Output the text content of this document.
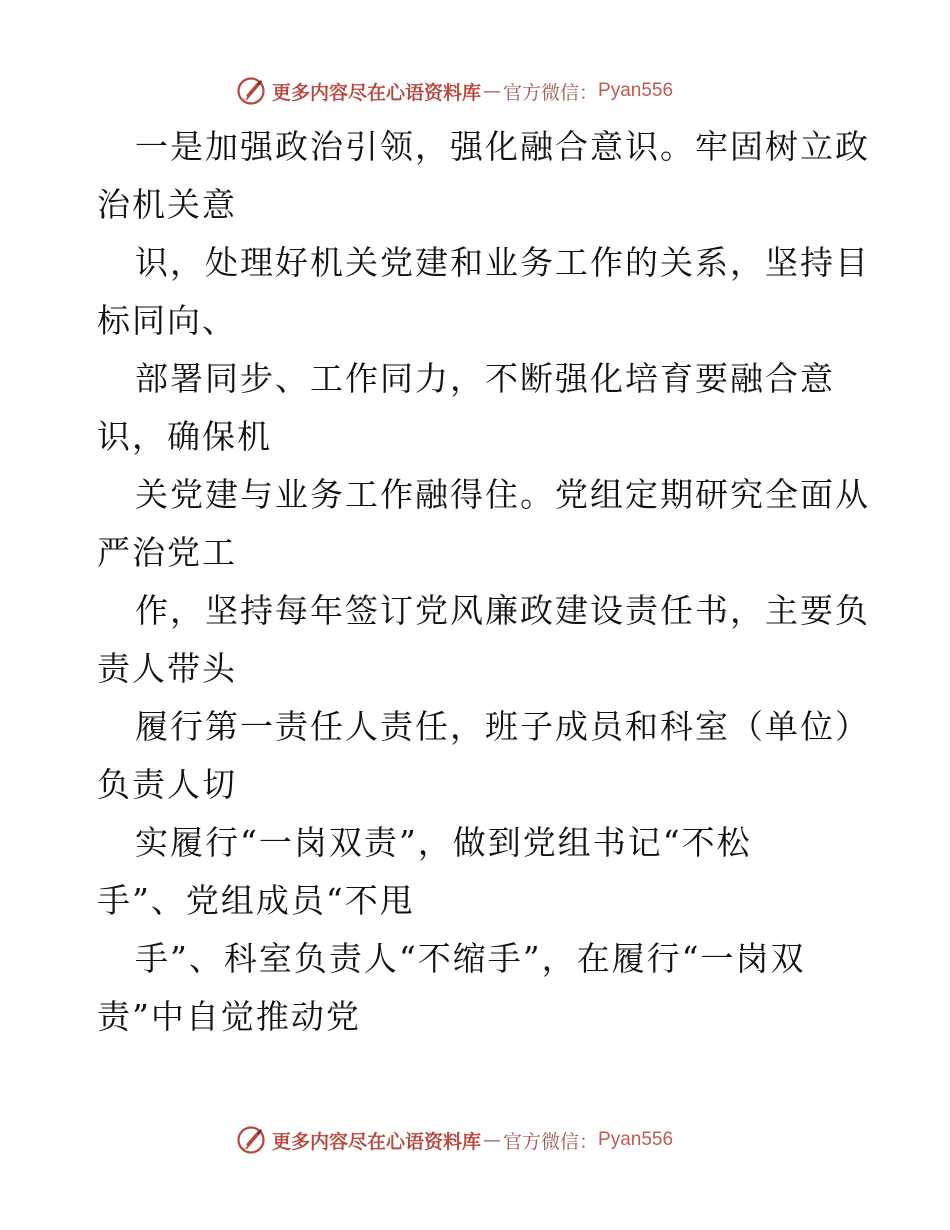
更多内容尽在心语资料库 — 官方微信： Pyan556
一是加强政治引领，强化融合意识。牢固树立政
治机关意
识，处理好机关党建和业务工作的关系，坚持目
标同向、
部署同步、工作同力，不断强化培育要融合意
识，确保机
关党建与业务工作融得住。党组定期研究全面从
严治党工
作，坚持每年签订党风廉政建设责任书，主要负
责人带头
履行第一责任人责任，班子成员和科室（单位）
负责人切
实履行“一岗双责”，做到党组书记“不松
手”、党组成员“不甩
手”、科室负责人“不缩手”，在履行“一岗双
责”中自觉推动党
更多内容尽在心语资料库 — 官方微信： Pyan556
